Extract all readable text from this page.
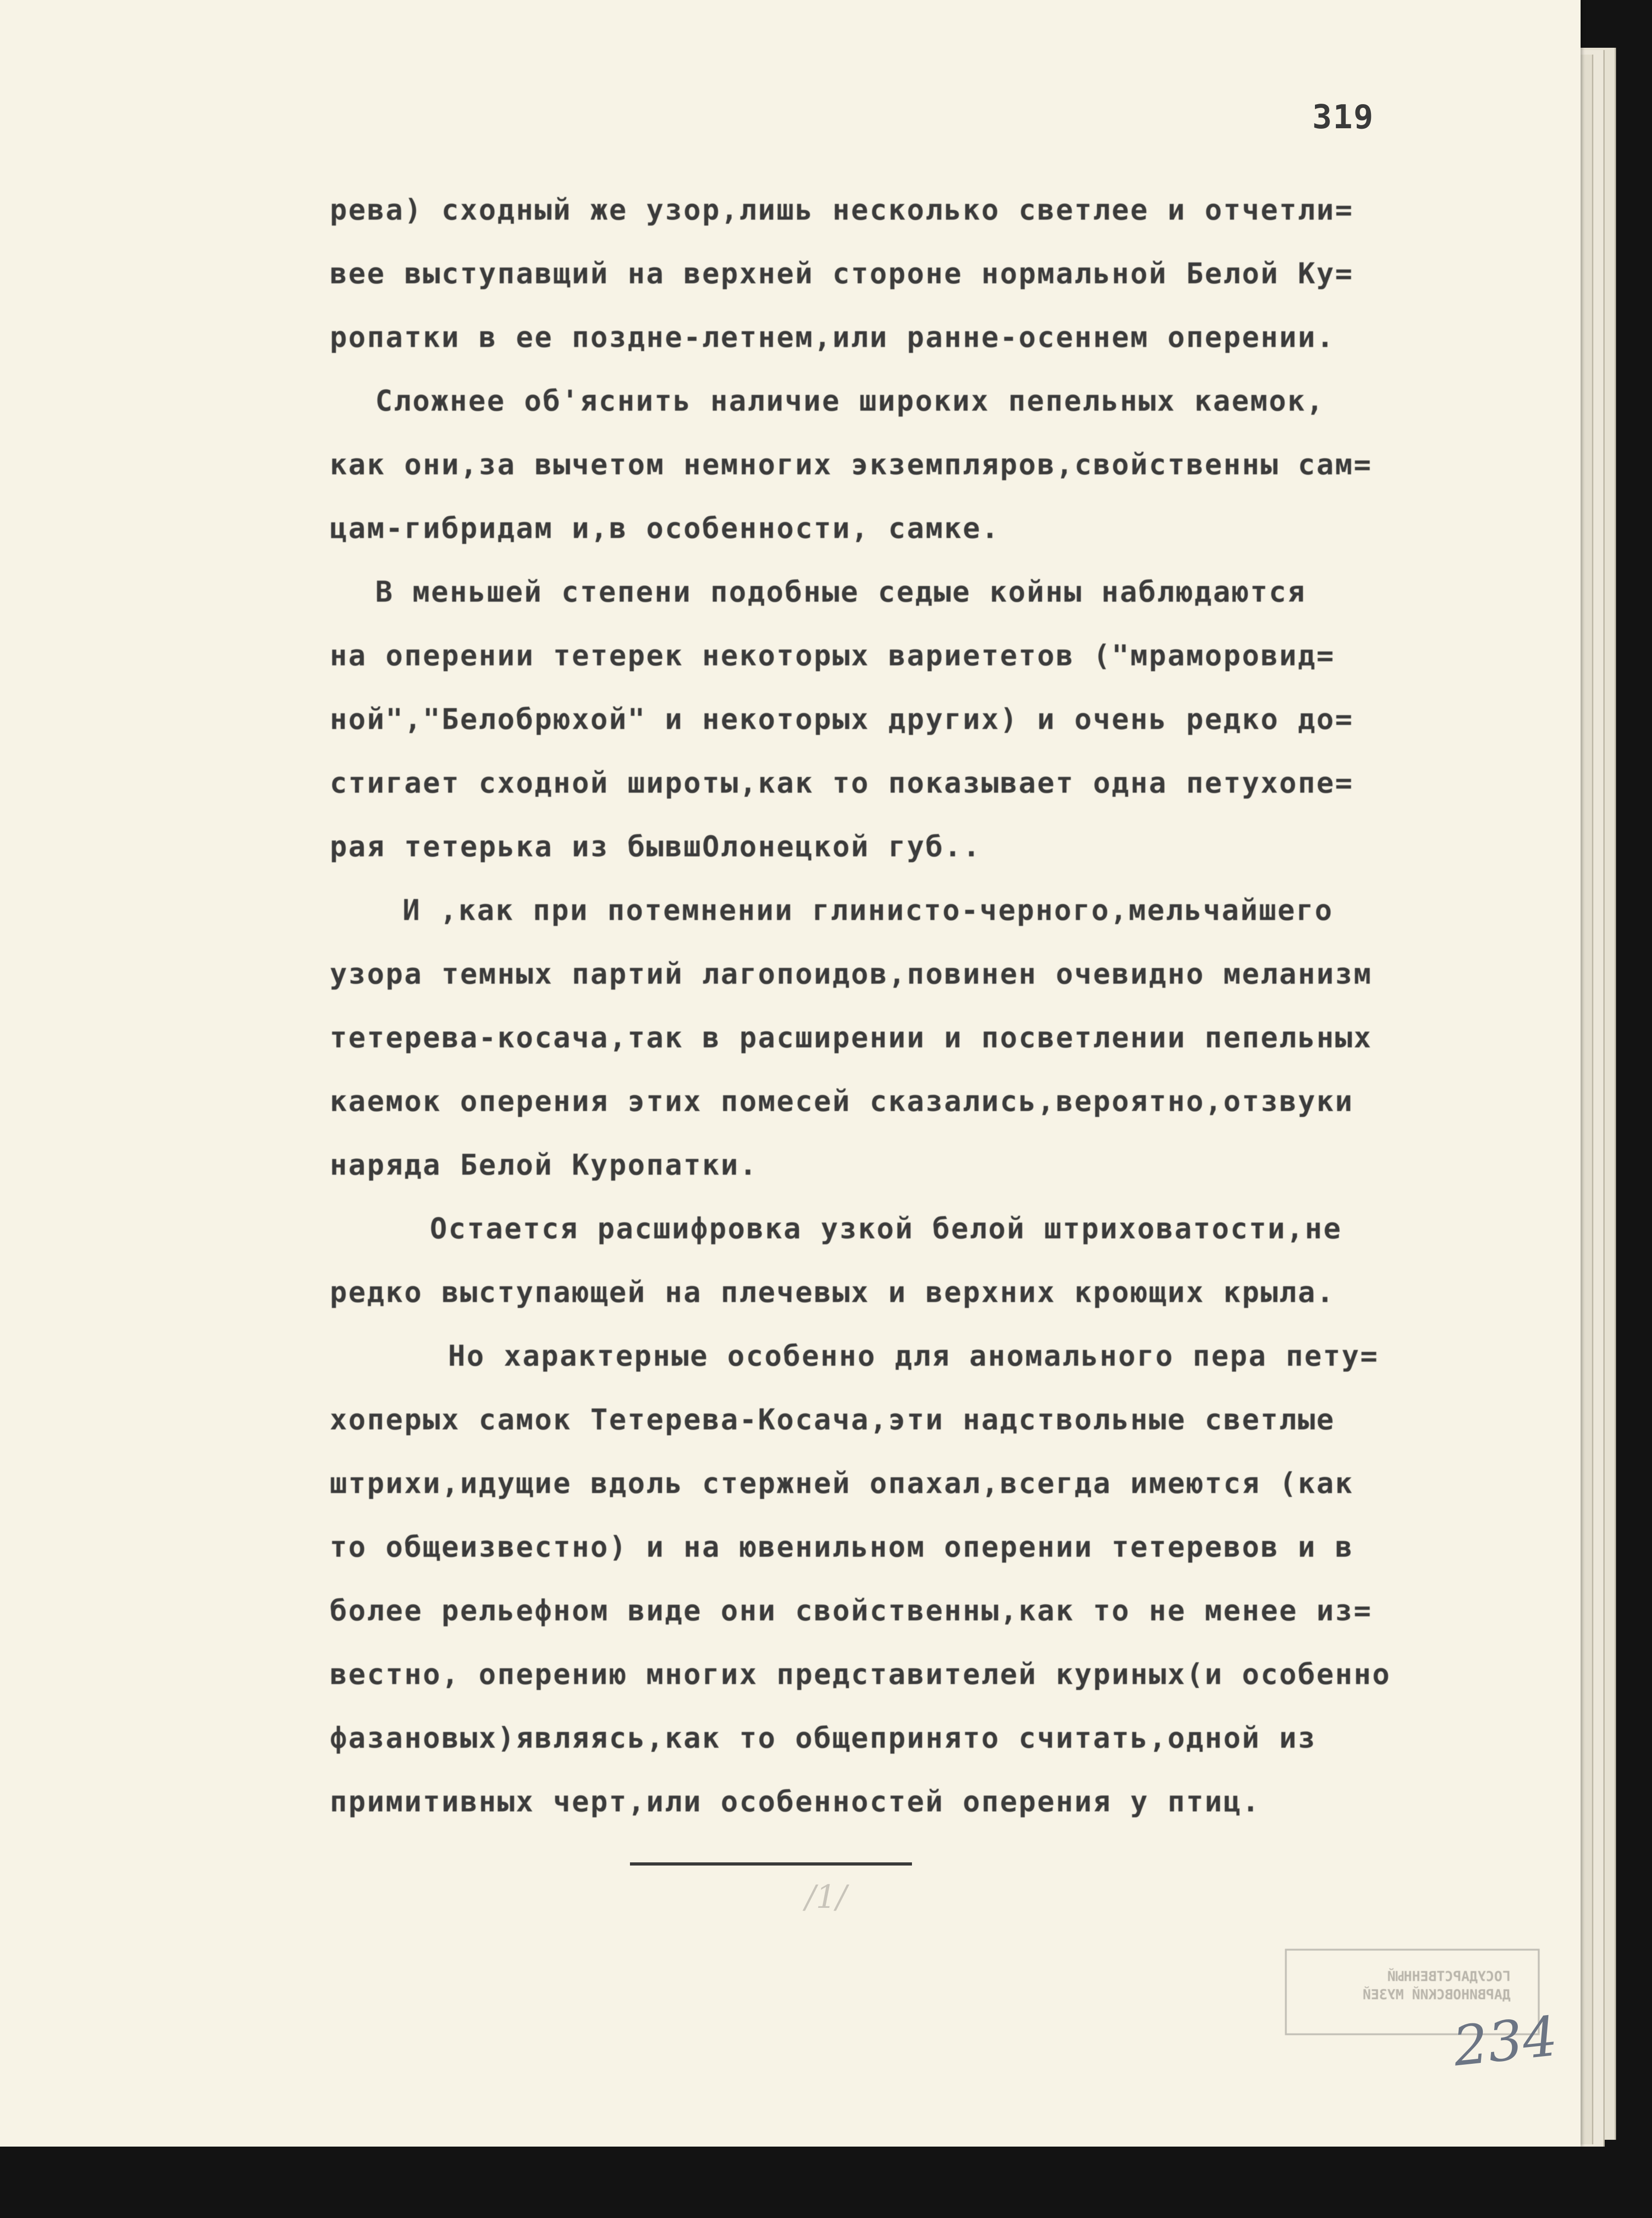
319
рева) сходный же узор,лишь несколько светлее и отчетли=
вее выступавщий на верхней стороне нормальной Белой Ку=
ропатки в ее поздне-летнем,или ранне-осеннем оперении.
Сложнее об'яснить наличие широких пепельных каемок,
как они,за вычетом немногих экземпляров,свойственны сам=
цам-гибридам и,в особенности, самке.
В меньшей степени подобные седые койны наблюдаются
на оперении тетерек некоторых вариететов ("мраморовид=
ной","Белобрюхой" и некоторых других) и очень редко до=
стигает сходной широты,как то показывает одна петухопе=
рая тетерька из бывшОлонецкой губ..
И ,как при потемнении глинисто-черного,мельчайшего
узора темных партий лагопоидов,повинен очевидно меланизм
тетерева-косача,так в расширении и посветлении пепельных
каемок оперения этих помесей сказались,вероятно,отзвуки
наряда Белой Куропатки.
Остается расшифровка узкой белой штриховатости,не
редко выступающей на плечевых и верхних кроющих крыла.
Но характерные особенно для аномального пера пету=
хоперых самок Тетерева-Косача,эти надствольные светлые
штрихи,идущие вдоль стержней опахал,всегда имеются (как
то общеизвестно) и на ювенильном оперении тетеревов и в
более рельефном виде они свойственны,как то не менее из=
вестно, оперению многих представителей куриных(и особенно
фазановых)являясь,как то общепринято считать,одной из
примитивных черт,или особенностей оперения у птиц.
/1/
ГОСУДАРСТВЕННЫЙ
ДАРВИНОВСКИЙ МУЗЕЙ
234
